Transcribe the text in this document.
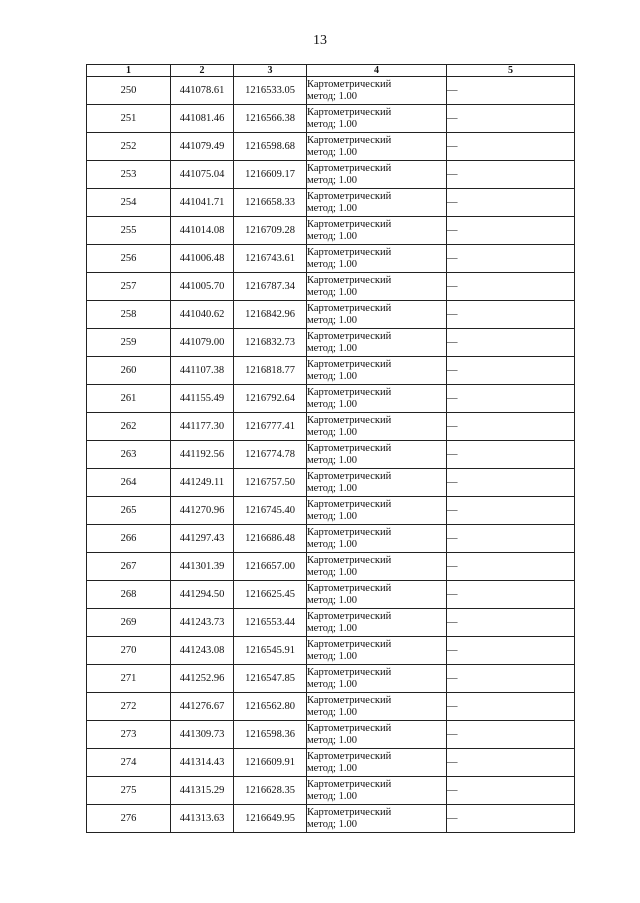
13
1	2	3	4	5
250	441078.61	1216533.05	Картометрический
метод; 1.00	—
251	441081.46	1216566.38	Картометрический
метод; 1.00	—
252	441079.49	1216598.68	Картометрический
метод; 1.00	—
253	441075.04	1216609.17	Картометрический
метод; 1.00	—
254	441041.71	1216658.33	Картометрический
метод; 1.00	—
255	441014.08	1216709.28	Картометрический
метод; 1.00	—
256	441006.48	1216743.61	Картометрический
метод; 1.00	—
257	441005.70	1216787.34	Картометрический
метод; 1.00	—
258	441040.62	1216842.96	Картометрический
метод; 1.00	—
259	441079.00	1216832.73	Картометрический
метод; 1.00	—
260	441107.38	1216818.77	Картометрический
метод; 1.00	—
261	441155.49	1216792.64	Картометрический
метод; 1.00	—
262	441177.30	1216777.41	Картометрический
метод; 1.00	—
263	441192.56	1216774.78	Картометрический
метод; 1.00	—
264	441249.11	1216757.50	Картометрический
метод; 1.00	—
265	441270.96	1216745.40	Картометрический
метод; 1.00	—
266	441297.43	1216686.48	Картометрический
метод; 1.00	—
267	441301.39	1216657.00	Картометрический
метод; 1.00	—
268	441294.50	1216625.45	Картометрический
метод; 1.00	—
269	441243.73	1216553.44	Картометрический
метод; 1.00	—
270	441243.08	1216545.91	Картометрический
метод; 1.00	—
271	441252.96	1216547.85	Картометрический
метод; 1.00	—
272	441276.67	1216562.80	Картометрический
метод; 1.00	—
273	441309.73	1216598.36	Картометрический
метод; 1.00	—
274	441314.43	1216609.91	Картометрический
метод; 1.00	—
275	441315.29	1216628.35	Картометрический
метод; 1.00	—
276	441313.63	1216649.95	Картометрический
метод; 1.00	—
